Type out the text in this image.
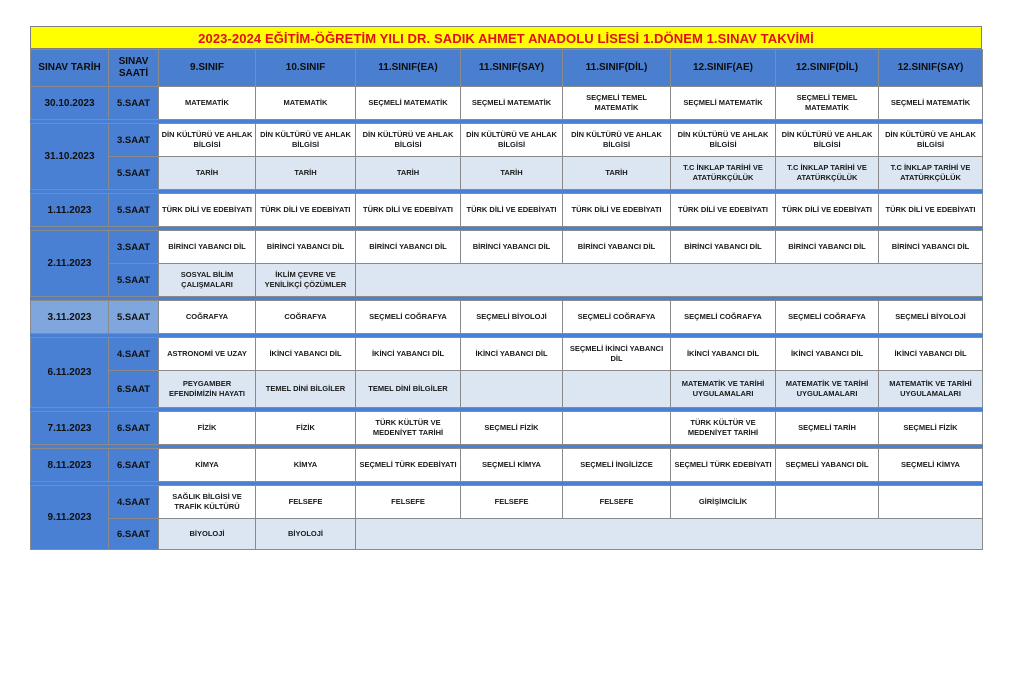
2023-2024 EĞİTİM-ÖĞRETİM YILI DR. SADIK AHMET ANADOLU LİSESİ 1.DÖNEM 1.SINAV TAKVİMİ
SINAV TARİH	SINAV SAATİ	9.SINIF	10.SINIF	11.SINIF(EA)	11.SINIF(SAY)	11.SINIF(DİL)	12.SINIF(AE)	12.SINIF(DİL)	12.SINIF(SAY)
30.10.2023	5.SAAT	MATEMATİK	MATEMATİK	SEÇMELİ MATEMATİK	SEÇMELİ MATEMATİK	SEÇMELİ TEMEL MATEMATİK	SEÇMELİ MATEMATİK	SEÇMELİ TEMEL MATEMATİK	SEÇMELİ MATEMATİK

31.10.2023	3.SAAT	DİN KÜLTÜRÜ VE AHLAK BİLGİSİ	DİN KÜLTÜRÜ VE AHLAK BİLGİSİ	DİN KÜLTÜRÜ VE AHLAK BİLGİSİ	DİN KÜLTÜRÜ VE AHLAK BİLGİSİ	DİN KÜLTÜRÜ VE AHLAK BİLGİSİ	DİN KÜLTÜRÜ VE AHLAK BİLGİSİ	DİN KÜLTÜRÜ VE AHLAK BİLGİSİ	DİN KÜLTÜRÜ VE AHLAK BİLGİSİ
	5.SAAT	TARİH	TARİH	TARİH	TARİH	TARİH	T.C İNKLAP TARİHİ VE ATATÜRKÇÜLÜK	T.C İNKLAP TARİHİ VE ATATÜRKÇÜLÜK	T.C İNKLAP TARİHİ VE ATATÜRKÇÜLÜK

1.11.2023	5.SAAT	TÜRK DİLİ VE EDEBİYATI	TÜRK DİLİ VE EDEBİYATI	TÜRK DİLİ VE EDEBİYATI	TÜRK DİLİ VE EDEBİYATI	TÜRK DİLİ VE EDEBİYATI	TÜRK DİLİ VE EDEBİYATI	TÜRK DİLİ VE EDEBİYATI	TÜRK DİLİ VE EDEBİYATI

2.11.2023	3.SAAT	BİRİNCİ YABANCI DİL	BİRİNCİ YABANCI DİL	BİRİNCİ YABANCI DİL	BİRİNCİ YABANCI DİL	BİRİNCİ YABANCI DİL	BİRİNCİ YABANCI DİL	BİRİNCİ YABANCI DİL	BİRİNCİ YABANCI DİL
	5.SAAT	SOSYAL BİLİM ÇALIŞMALARI	İKLİM ÇEVRE VE YENİLİKÇİ ÇÖZÜMLER						

3.11.2023	5.SAAT	COĞRAFYA	COĞRAFYA	SEÇMELİ COĞRAFYA	SEÇMELİ BİYOLOJİ	SEÇMELİ COĞRAFYA	SEÇMELİ COĞRAFYA	SEÇMELİ COĞRAFYA	SEÇMELİ BİYOLOJİ

6.11.2023	4.SAAT	ASTRONOMİ VE UZAY	İKİNCİ YABANCI DİL	İKİNCİ YABANCI DİL	İKİNCİ YABANCI DİL	SEÇMELİ İKİNCİ YABANCI DİL	İKİNCİ YABANCI DİL	İKİNCİ YABANCI DİL	İKİNCİ YABANCI DİL
	6.SAAT	PEYGAMBER EFENDİMİZİN HAYATI	TEMEL DİNİ BİLGİLER	TEMEL DİNİ BİLGİLER			MATEMATİK VE TARİHİ UYGULAMALARI	MATEMATİK VE TARİHİ UYGULAMALARI	MATEMATİK VE TARİHİ UYGULAMALARI

7.11.2023	6.SAAT	FİZİK	FİZİK	TÜRK KÜLTÜR VE MEDENİYET TARİHİ	SEÇMELİ FİZİK		TÜRK KÜLTÜR VE MEDENİYET TARİHİ	SEÇMELİ TARİH	SEÇMELİ FİZİK

8.11.2023	6.SAAT	KİMYA	KİMYA	SEÇMELİ TÜRK EDEBİYATI	SEÇMELİ KİMYA	SEÇMELİ İNGİLİZCE	SEÇMELİ TÜRK EDEBİYATI	SEÇMELİ YABANCI DİL	SEÇMELİ KİMYA

9.11.2023	4.SAAT	SAĞLIK BİLGİSİ VE TRAFİK KÜLTÜRÜ	FELSEFE	FELSEFE	FELSEFE	FELSEFE	GİRİŞİMCİLİK		
	6.SAAT	BİYOLOJİ	BİYOLOJİ						
